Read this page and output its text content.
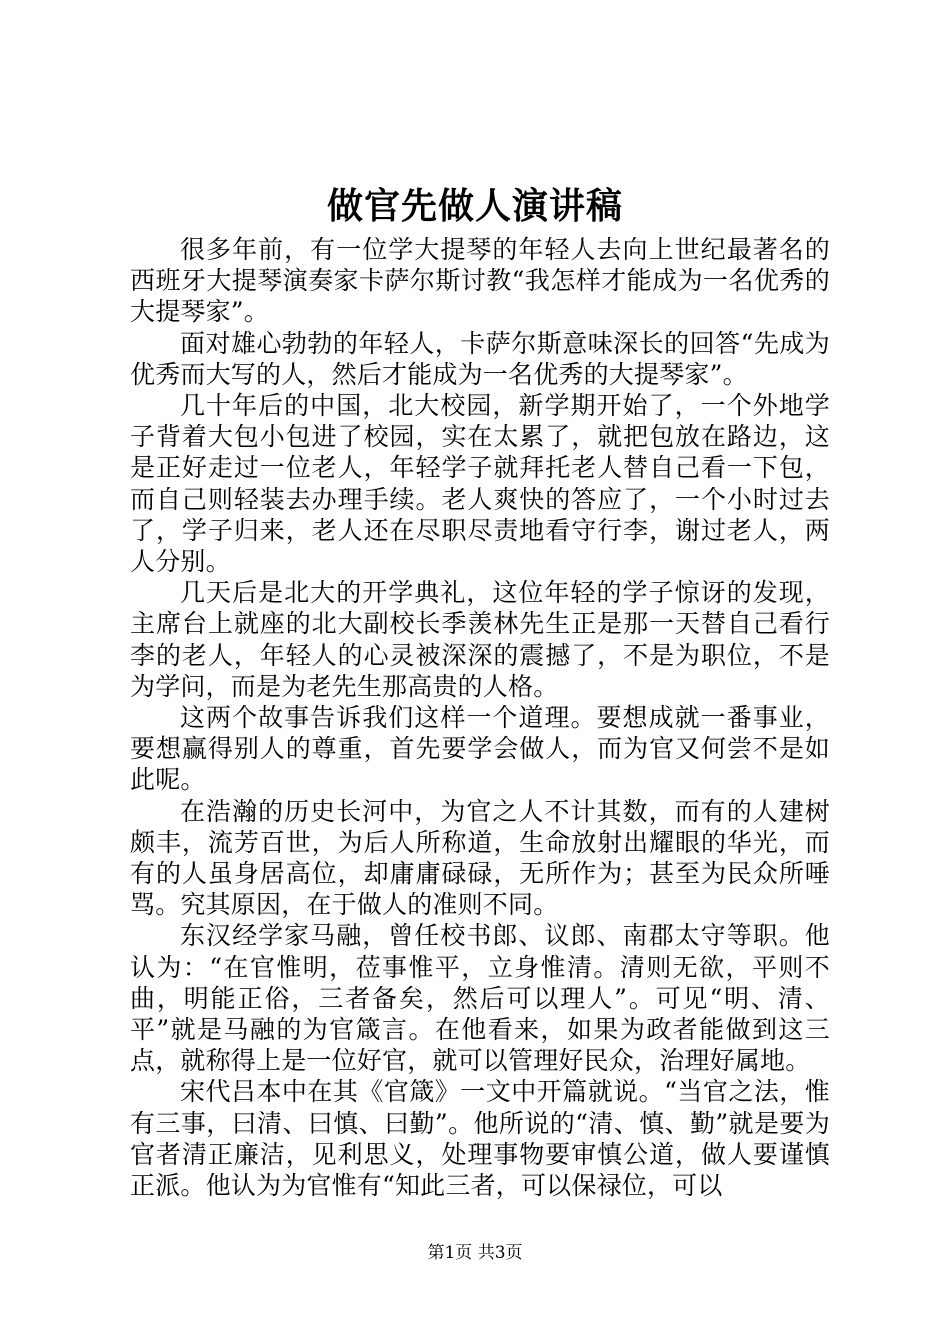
做官先做人演讲稿

很多年前，有一位学大提琴的年轻人去向上世纪最著名的西班牙大提琴演奏家卡萨尔斯讨教“我怎样才能成为一名优秀的大提琴家”。

面对雄心勃勃的年轻人，卡萨尔斯意味深长的回答“先成为优秀而大写的人，然后才能成为一名优秀的大提琴家”。

几十年后的中国，北大校园，新学期开始了，一个外地学子背着大包小包进了校园，实在太累了，就把包放在路边，这是正好走过一位老人，年轻学子就拜托老人替自己看一下包，而自己则轻装去办理手续。老人爽快的答应了，一个小时过去了，学子归来，老人还在尽职尽责地看守行李，谢过老人，两人分别。

几天后是北大的开学典礼，这位年轻的学子惊讶的发现，主席台上就座的北大副校长季羡林先生正是那一天替自己看行李的老人，年轻人的心灵被深深的震撼了，不是为职位，不是为学问，而是为老先生那高贵的人格。

这两个故事告诉我们这样一个道理。要想成就一番事业，要想赢得别人的尊重，首先要学会做人，而为官又何尝不是如此呢。

在浩瀚的历史长河中，为官之人不计其数，而有的人建树颇丰，流芳百世，为后人所称道，生命放射出耀眼的华光，而有的人虽身居高位，却庸庸碌碌，无所作为；甚至为民众所唾骂。究其原因，在于做人的准则不同。

东汉经学家马融，曾任校书郎、议郎、南郡太守等职。他认为：“在官惟明，莅事惟平，立身惟清。清则无欲，平则不曲，明能正俗，三者备矣，然后可以理人”。可见“明、清、平”就是马融的为官箴言。在他看来，如果为政者能做到这三点，就称得上是一位好官，就可以管理好民众，治理好属地。

宋代吕本中在其《官箴》一文中开篇就说。“当官之法，惟有三事，曰清、曰慎、曰勤”。他所说的“清、慎、勤”就是要为官者清正廉洁，见利思义，处理事物要审慎公道，做人要谨慎正派。他认为为官惟有“知此三者，可以保禄位，可以

第1页 共3页
